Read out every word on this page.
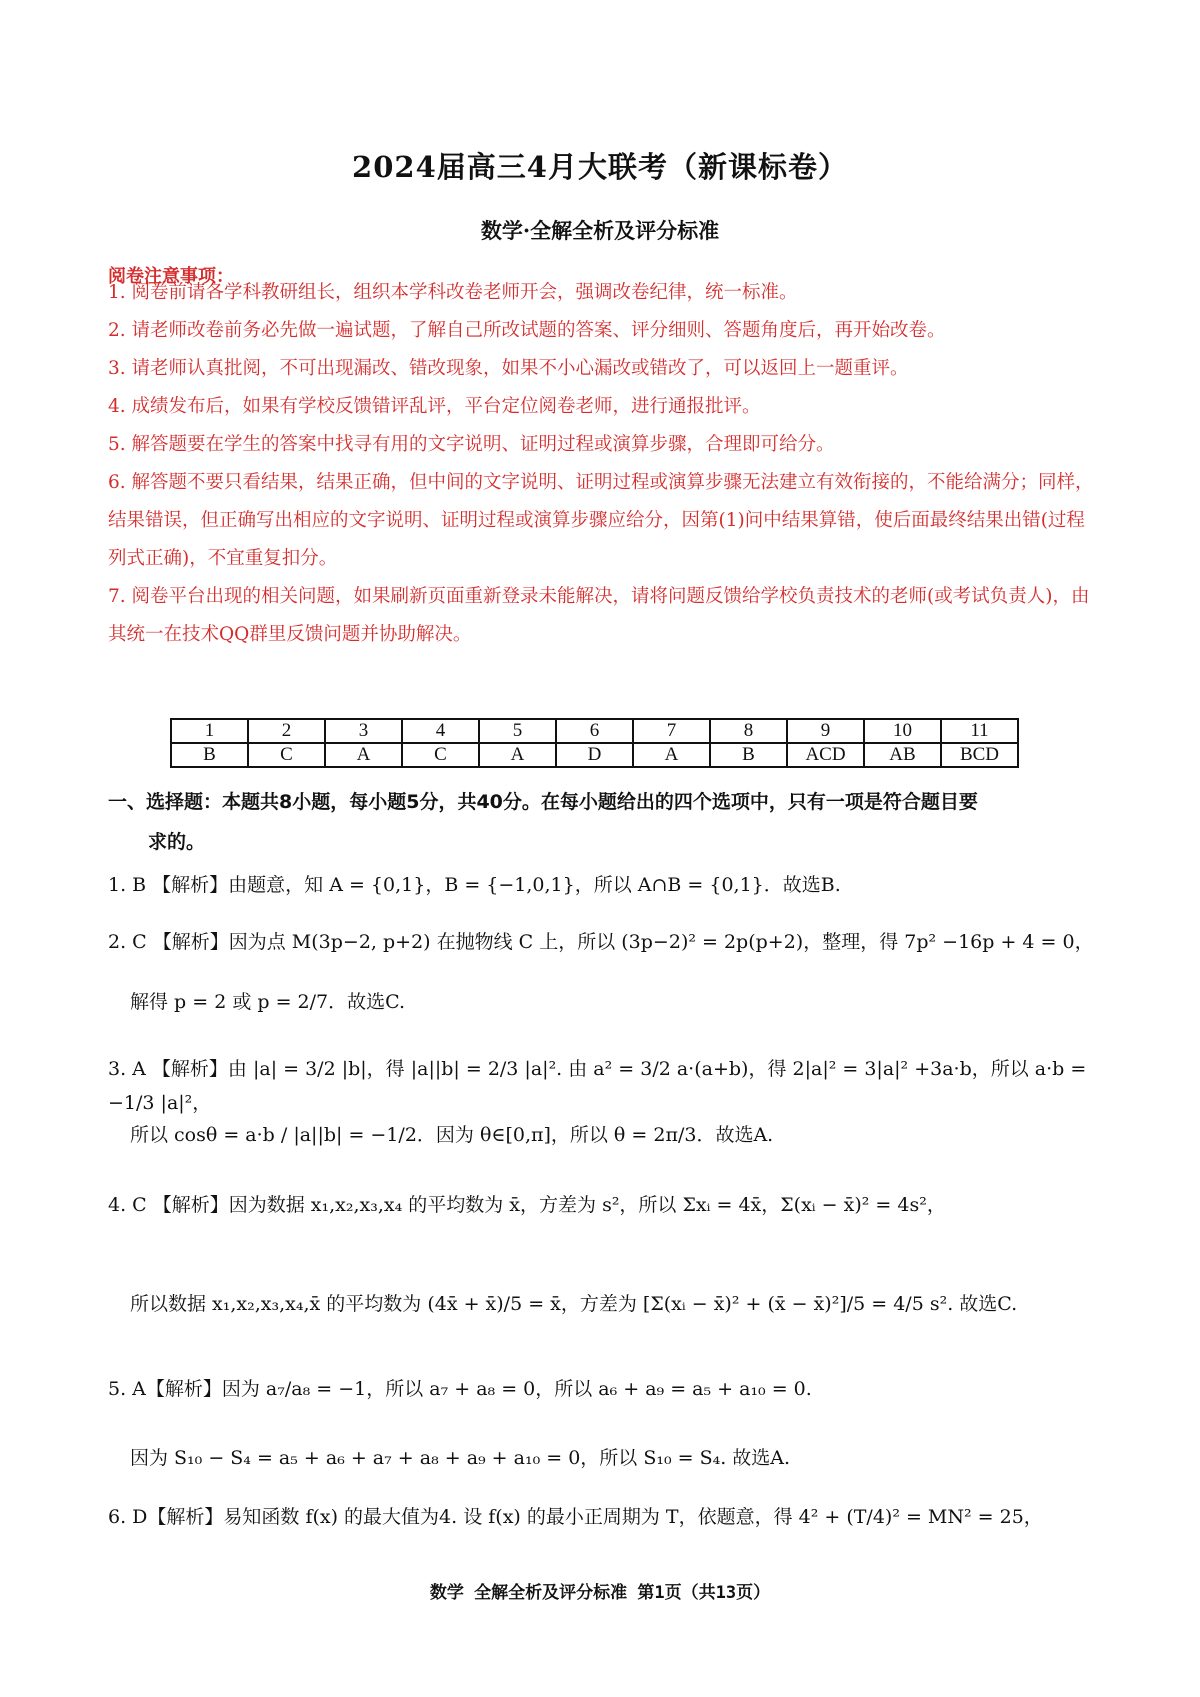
2024届高三4月大联考（新课标卷）
数学·全解全析及评分标准
阅卷注意事项：

1. 阅卷前请各学科教研组长，组织本学科改卷老师开会，强调改卷纪律，统一标准。

2. 请老师改卷前务必先做一遍试题，了解自己所改试题的答案、评分细则、答题角度后，再开始改卷。

3. 请老师认真批阅，不可出现漏改、错改现象，如果不小心漏改或错改了，可以返回上一题重评。

4. 成绩发布后，如果有学校反馈错评乱评，平台定位阅卷老师，进行通报批评。

5. 解答题要在学生的答案中找寻有用的文字说明、证明过程或演算步骤，合理即可给分。

6. 解答题不要只看结果，结果正确，但中间的文字说明、证明过程或演算步骤无法建立有效衔接的，不能给满分；同样，结果错误，但正确写出相应的文字说明、证明过程或演算步骤应给分，因第(1)问中结果算错，使后面最终结果出错(过程列式正确)，不宜重复扣分。

7. 阅卷平台出现的相关问题，如果刷新页面重新登录未能解决，请将问题反馈给学校负责技术的老师(或考试负责人)，由其统一在技术QQ群里反馈问题并协助解决。

1	2	3	4	5	6	7	8	9	10	11
B	C	A	C	A	D	A	B	ACD	AB	BCD
一、选择题：本题共8小题，每小题5分，共40分。在每小题给出的四个选项中，只有一项是符合题目要
求的。
1. B 【解析】由题意，知 A = {0,1}，B = {−1,0,1}，所以 A∩B = {0,1}．故选B.
2. C 【解析】因为点 M(3p−2, p+2) 在抛物线 C 上，所以 (3p−2)² = 2p(p+2)，整理，得 7p² −16p + 4 = 0，
解得 p = 2 或 p = 2/7．故选C.
3. A 【解析】由 |a| = 3/2 |b|，得 |a||b| = 2/3 |a|². 由 a² = 3/2 a·(a+b)，得 2|a|² = 3|a|² +3a·b，所以 a·b = −1/3 |a|²，
所以 cosθ = a·b / |a||b| = −1/2．因为 θ∈[0,π]，所以 θ = 2π/3．故选A.
4. C 【解析】因为数据 x₁,x₂,x₃,x₄ 的平均数为 x̄，方差为 s²，所以 Σxᵢ = 4x̄，Σ(xᵢ − x̄)² = 4s²，
所以数据 x₁,x₂,x₃,x₄,x̄ 的平均数为 (4x̄ + x̄)/5 = x̄，方差为 [Σ(xᵢ − x̄)² + (x̄ − x̄)²]/5 = 4/5 s². 故选C.
5. A【解析】因为 a₇/a₈ = −1，所以 a₇ + a₈ = 0，所以 a₆ + a₉ = a₅ + a₁₀ = 0.
因为 S₁₀ − S₄ = a₅ + a₆ + a₇ + a₈ + a₉ + a₁₀ = 0，所以 S₁₀ = S₄. 故选A.
6. D【解析】易知函数 f(x) 的最大值为4. 设 f(x) 的最小正周期为 T，依题意，得 4² + (T/4)² = MN² = 25，
数学 全解全析及评分标准 第1页（共13页）
